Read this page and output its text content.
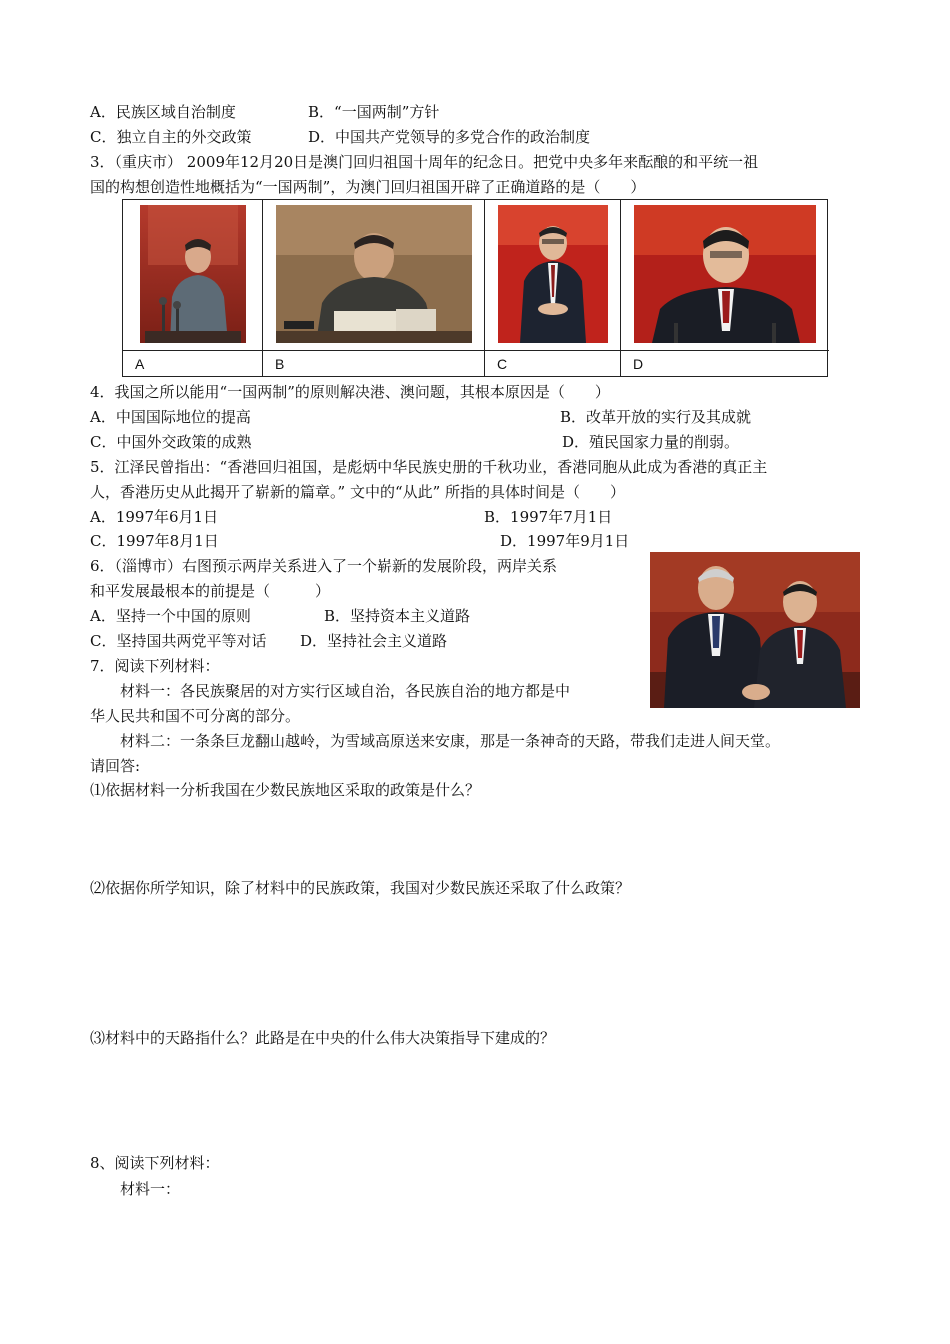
A．民族区域自治制度	B．“一国两制”方针
C．独立自主的外交政策	D．中国共产党领导的多党合作的政治制度
3．（重庆市） 2009年12月20日是澳门回归祖国十周年的纪念日。把党中央多年来酝酿的和平统一祖
国的构想创造性地概括为“一国两制”，为澳门回归祖国开辟了正确道路的是（　　）
A	B	C	D
4．我国之所以能用“一国两制”的原则解决港、澳问题，其根本原因是（　　）
A．中国国际地位的提高	B．改革开放的实行及其成就
C．中国外交政策的成熟	D．殖民国家力量的削弱。
5．江泽民曾指出：“香港回归祖国，是彪炳中华民族史册的千秋功业，香港同胞从此成为香港的真正主
人，香港历史从此揭开了崭新的篇章。” 文中的“从此” 所指的具体时间是（　　）
A．1997年6月1日	B．1997年7月1日
C．1997年8月1日	D．1997年9月1日
6．（淄博市）右图预示两岸关系进入了一个崭新的发展阶段，两岸关系
和平发展最根本的前提是（　　　）
A．坚持一个中国的原则	B．坚持资本主义道路
C．坚持国共两党平等对话 D．坚持社会主义道路
7．阅读下列材料：
材料一：各民族聚居的对方实行区域自治，各民族自治的地方都是中
华人民共和国不可分离的部分。
材料二：一条条巨龙翻山越岭，为雪域高原送来安康，那是一条神奇的天路，带我们走进人间天堂。
请回答:
⑴依据材料一分析我国在少数民族地区采取的政策是什么？
⑵依据你所学知识，除了材料中的民族政策，我国对少数民族还采取了什么政策？
⑶材料中的天路指什么？此路是在中央的什么伟大决策指导下建成的？
8、阅读下列材料：
材料一：
